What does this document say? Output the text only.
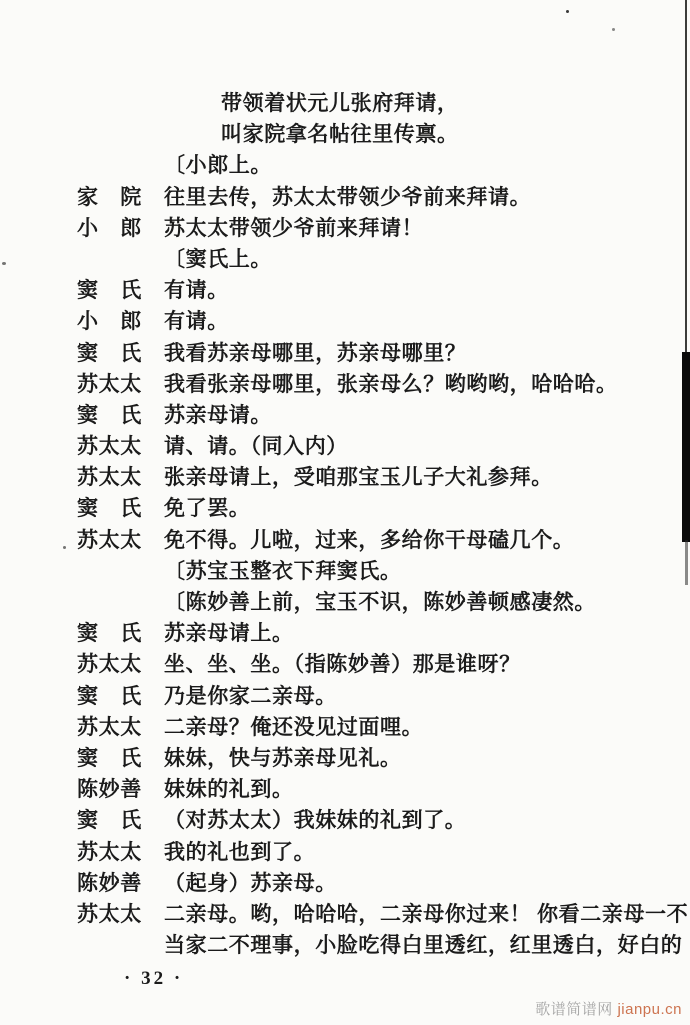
带领着状元儿张府拜请，
叫家院拿名帖往里传禀。
〔小郎上。
家　院 往里去传，苏太太带领少爷前来拜请。
小　郎 苏太太带领少爷前来拜请！
〔窦氏上。
窦　氏 有请。
小　郎 有请。
窦　氏 我看苏亲母哪里，苏亲母哪里？
苏太太 我看张亲母哪里，张亲母么？哟哟哟，哈哈哈。
窦　氏 苏亲母请。
苏太太 请、请。（同入内）
苏太太 张亲母请上，受咱那宝玉儿子大礼参拜。
窦　氏 免了罢。
苏太太 免不得。儿啦，过来，多给你干母磕几个。
〔苏宝玉整衣下拜窦氏。
〔陈妙善上前，宝玉不识，陈妙善顿感凄然。
窦　氏 苏亲母请上。
苏太太 坐、坐、坐。（指陈妙善）那是谁呀？
窦　氏 乃是你家二亲母。
苏太太 二亲母？俺还没见过面哩。
窦　氏 妹妹，快与苏亲母见礼。
陈妙善 妹妹的礼到。
窦　氏 （对苏太太）我妹妹的礼到了。
苏太太 我的礼也到了。
陈妙善 （起身）苏亲母。
苏太太 二亲母。哟，哈哈哈，二亲母你过来！ 你看二亲母一不
当家二不理事，小脸吃得白里透红，红里透白，好白的
· 32 ·
歌谱简谱网 jianpu.cn
